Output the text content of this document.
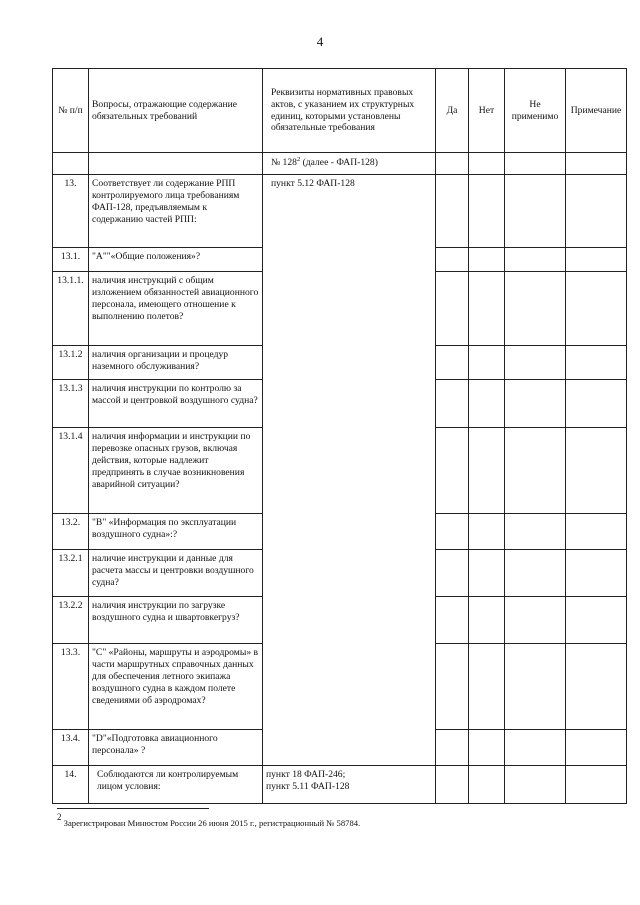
4
№ п/п	Вопросы, отражающие содержание обязательных требований	Реквизиты нормативных правовых актов, с указанием их структурных единиц, которыми установлены обязательные требования	Да	Нет	Не применимо	Примечание
		№ $128^2$ (далее - ФАП-128)				
13.	Соответствует ли содержание РПП контролируемого лица требованиям ФАП-128, предъявляемым к содержанию частей РПП:	пункт 5.12 ФАП-128				
13.1.	"А""«Общие положения»?					
13.1.1.	наличия инструкций с общим изложением обязанностей авиационного персонала, имеющего отношение к выполнению полетов?					
13.1.2	наличия организации и процедур наземного обслуживания?					
13.1.3	наличия инструкции по контролю за массой и центровкой воздушного судна?					
13.1.4	наличия информации и инструкции по перевозке опасных грузов, включая действия, которые надлежит предпринять в случае возникновения аварийной ситуации?					
13.2.	"В" «Информация по эксплуатации воздушного судна»:?					
13.2.1	наличие инструкции и данные для расчета массы и центровки воздушного судна?					
13.2.2	наличия инструкции по загрузке воздушного судна и швартовкегруз?					
13.3.	"С" «Районы, маршруты и аэродромы» в части маршрутных справочных данных для обеспечения летного экипажа воздушного судна в каждом полете сведениями об аэродромах?					
13.4.	"D"«Подготовка авиационного персонала» ?					
14.	Соблюдаются ли контролируемым лицом условия:	пункт 18 ФАП-246;
пункт 5.11 ФАП-128				

$^2$ Зарегистрирован Минюстом России 26 июня 2015 г., регистрационный № 58784.
